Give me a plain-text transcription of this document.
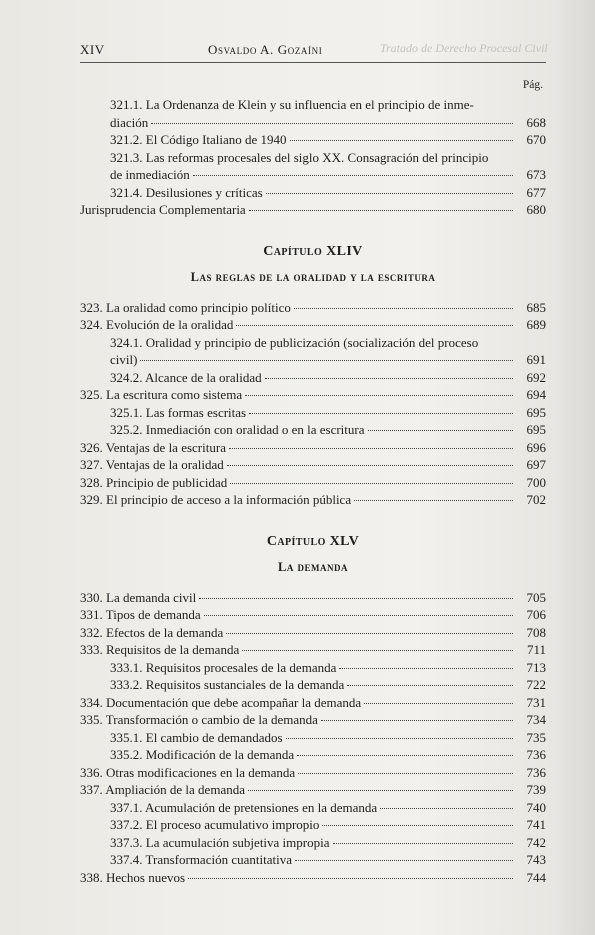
XIV	Osvaldo A. Gozaíni	Tratado de Derecho Procesal Civil
Pág.
321.1. La Ordenanza de Klein y su influencia en el principio de inme-
diación	668
321.2. El Código Italiano de 1940	670
321.3. Las reformas procesales del siglo XX. Consagración del principio
de inmediación	673
321.4. Desilusiones y críticas	677
Jurisprudencia Complementaria	680
Capítulo XLIV
Las reglas de la oralidad y la escritura
323. La oralidad como principio político	685
324. Evolución de la oralidad	689
324.1. Oralidad y principio de publicización (socialización del proceso
civil)	691
324.2. Alcance de la oralidad	692
325. La escritura como sistema	694
325.1. Las formas escritas	695
325.2. Inmediación con oralidad o en la escritura	695
326. Ventajas de la escritura	696
327. Ventajas de la oralidad	697
328. Principio de publicidad	700
329. El principio de acceso a la información pública	702
Capítulo XLV
La demanda
330. La demanda civil	705
331. Tipos de demanda	706
332. Efectos de la demanda	708
333. Requisitos de la demanda	711
333.1. Requisitos procesales de la demanda	713
333.2. Requisitos sustanciales de la demanda	722
334. Documentación que debe acompañar la demanda	731
335. Transformación o cambio de la demanda	734
335.1. El cambio de demandados	735
335.2. Modificación de la demanda	736
336. Otras modificaciones en la demanda	736
337. Ampliación de la demanda	739
337.1. Acumulación de pretensiones en la demanda	740
337.2. El proceso acumulativo impropio	741
337.3. La acumulación subjetiva impropia	742
337.4. Transformación cuantitativa	743
338. Hechos nuevos	744
